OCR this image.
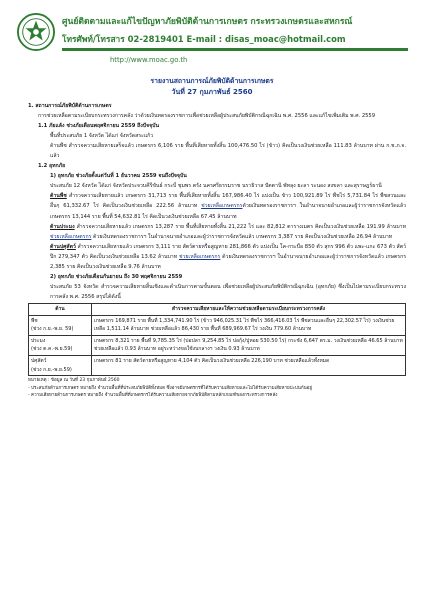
ศูนย์ติดตามและแก้ไขปัญหาภัยพิบัติด้านการเกษตร กระทรวงเกษตรและสหกรณ์
โทรศัพท์/โทรสาร 02-2819401 E-mail : disas_moac@hotmail.com
http://www.moac.go.th
รายงานสถานการณ์ภัยพิบัติด้านการเกษตร
วันที่ 27 กุมภาพันธ์ 2560

1. สถานการณ์ภัยพิบัติด้านการเกษตร

การช่วยเหลือตามระเบียบกระทรวงการคลัง ว่าด้วยเงินทดรองราชการเพื่อช่วยเหลือผู้ประสบภัยพิบัติกรณีฉุกเฉิน พ.ศ. 2556 และแก้ไขเพิ่มเติม พ.ศ. 2559

1.1 ภัยแล้ง ช่วงภัยเดือนพฤศจิกายน 2559 ถึงปัจจุบัน

พื้นที่ประสบภัย 1 จังหวัด ได้แก่ จังหวัดสระแก้ว

ด้านพืช สำรวจความเสียหายเสร็จแล้ว เกษตรกร 6,106 ราย พื้นที่เสียหายทั้งสิ้น 100,476.50 ไร่ (ข้าว) คิดเป็นวงเงินช่วยเหลือ 111.83 ล้านบาท ผ่าน ก.ช.ภ.จ. แล้ว

1.2 อุทกภัย

1) อุทกภัย ช่วงภัยตั้งแต่วันที่ 1 ธันวาคม 2559 จนถึงปัจจุบัน

ประสบภัย 12 จังหวัด ได้แก่ จังหวัดประจวบคีรีขันธ์ กระบี่ ชุมพร ตรัง นครศรีธรรมราช นราธิวาส ปัตตานี พัทลุง ยะลา ระนอง สงขลา และสุราษฎร์ธานี

ด้านพืช สำรวจความเสียหายแล้ว เกษตรกร 31,713 ราย พื้นที่เสียหายทั้งสิ้น 167,986.40 ไร่ แบ่งเป็น ข้าว 100,921.89 ไร่ พืชไร่ 5,731.84 ไร่ พืชสวนและอื่นๆ 61,332.67 ไร่ คิดเป็นวงเงินช่วยเหลือ 222.56 ล้านบาท ช่วยเหลือเกษตรกรด้วยเงินทดรองราชการฯ ในอำนาจนายอำเภอและผู้ว่าราชการจังหวัดแล้ว เกษตรกร 13,144 ราย พื้นที่ 54,632.81 ไร่ คิดเป็นวงเงินช่วยเหลือ 67.45 ล้านบาท

ด้านประมง สำรวจความเสียหายแล้ว เกษตรกร 13,287 ราย พื้นที่เสียหายทั้งสิ้น 21,222 ไร่ และ 82,812 ตารางเมตร คิดเป็นวงเงินช่วยเหลือ 191.99 ล้านบาท ช่วยเหลือเกษตรกร ด้วยเงินทดรองราชการฯ ในอำนาจนายอำเภอและผู้ว่าราชการจังหวัดแล้ว เกษตรกร 3,387 ราย คิดเป็นวงเงินช่วยเหลือ 26.94 ล้านบาท

ด้านปศุสัตว์ สำรวจความเสียหายแล้ว เกษตรกร 3,111 ราย สัตว์ตายหรือสูญหาย 281,866 ตัว แบ่งเป็น โค-กระบือ 850 ตัว สุกร 996 ตัว แพะ-แกะ 673 ตัว สัตว์ปีก 279,347 ตัว คิดเป็นวงเงินช่วยเหลือ 13.62 ล้านบาท ช่วยเหลือเกษตรกร ด้วยเงินทดรองราชการฯ ในอำนาจนายอำเภอและผู้ว่าราชการจังหวัดแล้ว เกษตรกร 2,385 ราย คิดเป็นวงเงินช่วยเหลือ 9.76 ล้านบาท

2) อุทกภัย ช่วงภัยเดือนกันยายน ถึง 30 พฤศจิกายน 2559

ประสบภัย 53 จังหวัด สำรวจความเสียหายสิ้นเชิงและดำเนินการตามขั้นตอน เพื่อช่วยเหลือผู้ประสบภัยพิบัติกรณีฉุกเฉิน (อุทกภัย) ซึ่งเป็นไปตามระเบียบกระทรวงการคลัง พ.ศ. 2556 สรุปได้ดังนี้

ด้าน	สำรวจความเสียหายและให้ความช่วยเหลือตามระเบียบกระทรวงการคลัง

พืช
(ช่วง ก.ย.-พ.ย. 59)	เกษตรกร 169,871 ราย พื้นที่ 1,334,741.90 ไร่ (ข้าว 946,025.31 ไร่ พืชไร่ 366,416.03 ไร่ พืชสวนและอื่นๆ 22,302.57 ไร่) วงเงินช่วยเหลือ 1,511.14 ล้านบาท ช่วยเหลือแล้ว 86,430 ราย พื้นที่ 689,969.67 ไร่ วงเงิน 779.60 ล้านบาท

ประมง
(ช่วง ต.ค.-พ.ย.59)	เกษตรกร 8,321 ราย พื้นที่ 9,785.35 ไร่ (บ่อปลา 9,254.85 ไร่ บ่อกุ้ง/ปูหอย 530.50 ไร่) กระชัง 6,647 ตร.ม. วงเงินช่วยเหลือ 46.65 ล้านบาท ช่วยเหลือแล้ว 0.93 ล้านบาท อยู่ระหว่างขอใช้งบกลางฯ วงเงิน 0.93 ล้านบาท

ปศุสัตว์
(ช่วง ก.ย.-พ.ย.59)	เกษตรกร 81 ราย สัตว์ตายหรือสูญหาย 4,104 ตัว คิดเป็นวงเงินช่วยเหลือ 226,190 บาท ช่วยเหลือแล้วทั้งหมด
หมายเหตุ : ข้อมูล ณ วันที่ 23 กุมภาพันธ์ 2560
- ประสบภัยด้านการเกษตร หมายถึง จำนวนพื้นที่ที่ประสบภัยพิบัติทั้งหมด ซึ่งอาจมีเกษตรกรที่ได้รับความเสียหายและไม่ได้รับความเสียหายปะปนกันอยู่
- ความเสียหายด้านการเกษตร หมายถึง จำนวนพื้นที่ที่เกษตรกรได้รับความเสียหายจากภัยพิบัติตามหลักเกณฑ์ของกระทรวงการคลัง
